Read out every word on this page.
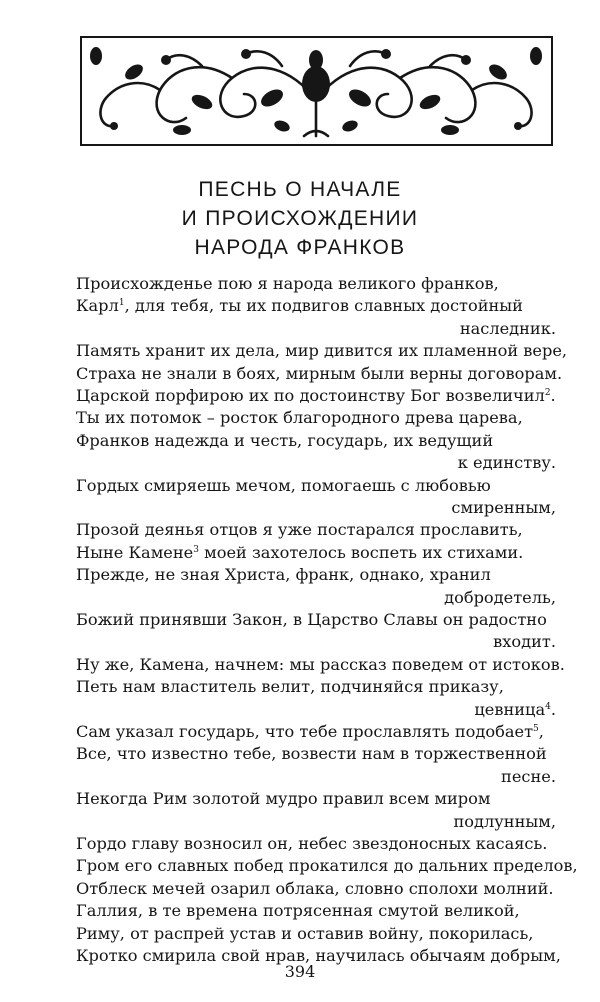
ПЕСНЬ О НАЧАЛЕ
И ПРОИСХОЖДЕНИИ
НАРОДА ФРАНКОВ
Происхожденье пою я народа великого франков,
Карл$^1$, для тебя, ты их подвигов славных достойный
наследник.
Память хранит их дела, мир дивится их пламенной вере,
Страха не знали в боях, мирным были верны договорам.
Царской порфирою их по достоинству Бог возвеличил$^2$.
Ты их потомок – росток благородного древа царева,
Франков надежда и честь, государь, их ведущий
к единству.
Гордых смиряешь мечом, помогаешь с любовью
смиренным,
Прозой деянья отцов я уже постарался прославить,
Ныне Камене$^3$ моей захотелось воспеть их стихами.
Прежде, не зная Христа, франк, однако, хранил
добродетель,
Божий принявши Закон, в Царство Славы он радостно
входит.
Ну же, Камена, начнем: мы рассказ поведем от истоков.
Петь нам властитель велит, подчиняйся приказу,
цевница$^4$.
Сам указал государь, что тебе прославлять подобает$^5$,
Все, что известно тебе, возвести нам в торжественной
песне.
Некогда Рим золотой мудро правил всем миром
подлунным,
Гордо главу возносил он, небес звездоносных касаясь.
Гром его славных побед прокатился до дальних пределов,
Отблеск мечей озарил облака, словно сполохи молний.
Галлия, в те времена потрясенная смутой великой,
Риму, от распрей устав и оставив войну, покорилась,
Кротко смирила свой нрав, научилась обычаям добрым,
394
